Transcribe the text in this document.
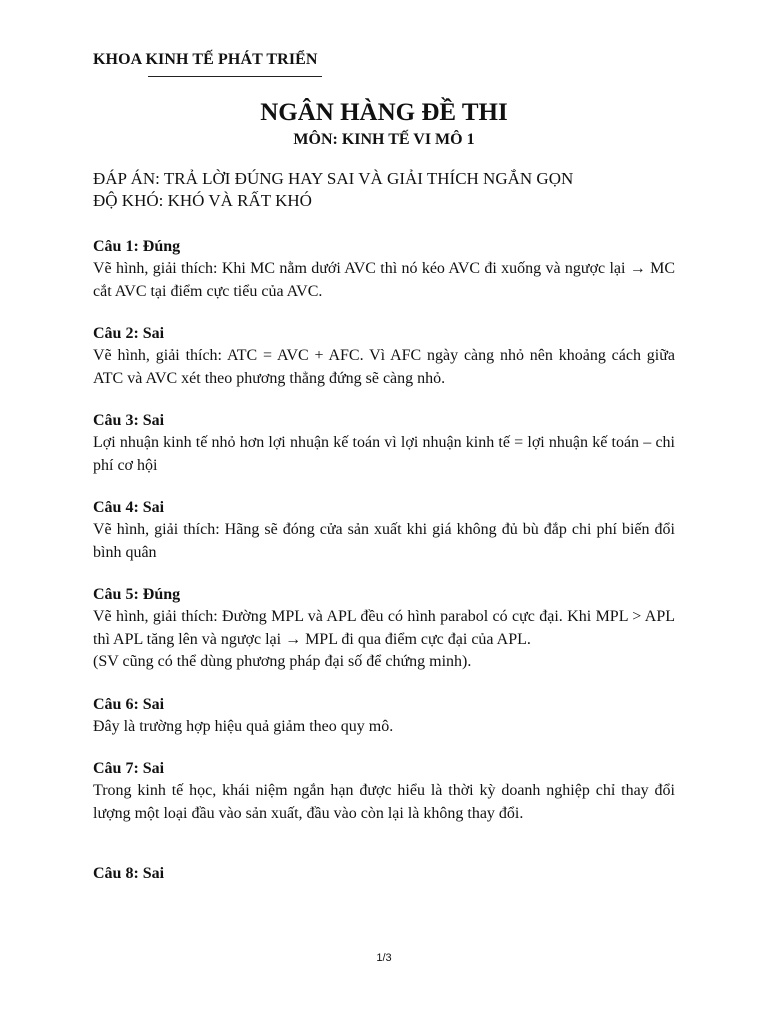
KHOA KINH TẾ PHÁT TRIỂN
NGÂN HÀNG ĐỀ THI
MÔN: KINH TẾ VI MÔ 1
ĐÁP ÁN: TRẢ LỜI ĐÚNG HAY SAI VÀ GIẢI THÍCH NGẮN GỌN
ĐỘ KHÓ: KHÓ VÀ RẤT KHÓ
Câu 1: Đúng
Vẽ hình, giải thích: Khi MC nằm dưới AVC thì nó kéo AVC đi xuống và ngược lại → MC cắt AVC tại điểm cực tiểu của AVC.
Câu 2: Sai
Vẽ hình, giải thích: ATC = AVC + AFC. Vì AFC ngày càng nhỏ nên khoảng cách giữa ATC và AVC xét theo phương thẳng đứng sẽ càng nhỏ.
Câu 3: Sai
Lợi nhuận kinh tế nhỏ hơn lợi nhuận kế toán vì lợi nhuận kinh tế = lợi nhuận kế toán – chi phí cơ hội
Câu 4: Sai
Vẽ hình, giải thích: Hãng sẽ đóng cửa sản xuất khi giá không đủ bù đắp chi phí biến đổi bình quân
Câu 5: Đúng
Vẽ hình, giải thích: Đường MPL và APL đều có hình parabol có cực đại. Khi MPL > APL thì APL tăng lên và ngược lại → MPL đi qua điểm cực đại của APL.
(SV cũng có thể dùng phương pháp đại số để chứng minh).
Câu 6: Sai
Đây là trường hợp hiệu quả giảm theo quy mô.
Câu 7: Sai
Trong kinh tế học, khái niệm ngắn hạn được hiểu là thời kỳ doanh nghiệp chỉ thay đổi lượng một loại đầu vào sản xuất, đầu vào còn lại là không thay đổi.
Câu 8: Sai
1/3
